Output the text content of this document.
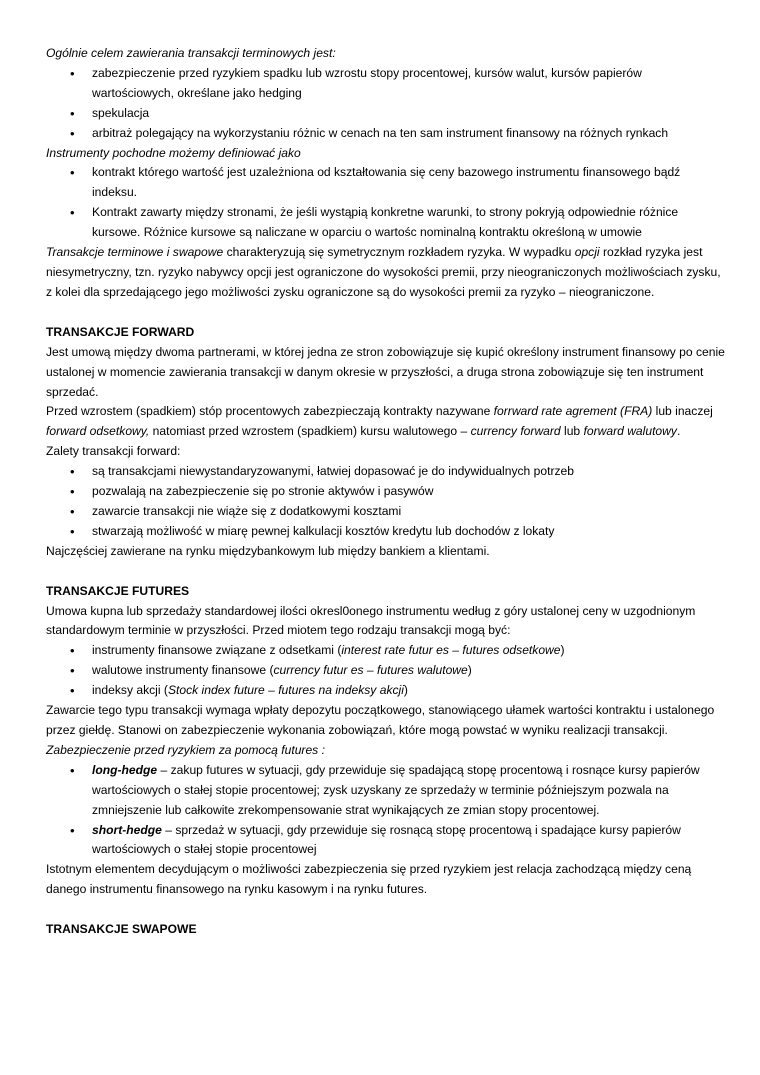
Ogólnie celem zawierania transakcji terminowych jest:

• zabezpieczenie przed ryzykiem spadku lub wzrostu stopy procentowej, kursów walut, kursów papierów wartościowych, określane jako hedging
• spekulacja
• arbitraż polegający na wykorzystaniu różnic w cenach na ten sam instrument finansowy na różnych rynkach

Instrumenty pochodne możemy definiować jako

• kontrakt którego wartość jest uzależniona od kształtowania się ceny bazowego instrumentu finansowego bądź indeksu.
• Kontrakt zawarty między stronami, że jeśli wystąpią konkretne warunki, to strony pokryją odpowiednie różnice kursowe. Różnice kursowe są naliczane w oparciu o wartośc nominalną kontraktu określoną w umowie

Transakcje terminowe i swapowe charakteryzują się symetrycznym rozkładem ryzyka. W wypadku opcji rozkład ryzyka jest niesymetryczny, tzn. ryzyko nabywcy opcji jest ograniczone do wysokości premii, przy nieograniczonych możliwościach zysku, z kolei dla sprzedającego jego możliwości zysku ograniczone są do wysokości premii za ryzyko – nieograniczone.

TRANSAKCJE FORWARD

Jest umową między dwoma partnerami, w której jedna ze stron zobowiązuje się kupić określony instrument finansowy po cenie ustalonej w momencie zawierania transakcji w danym okresie w przyszłości, a druga strona zobowiązuje się ten instrument sprzedać.

Przed wzrostem (spadkiem) stóp procentowych zabezpieczają kontrakty nazywane forrward rate agrement (FRA) lub inaczej forward odsetkowy, natomiast przed wzrostem (spadkiem) kursu walutowego – currency forward lub forward walutowy.

Zalety transakcji forward:

• są transakcjami niewystandaryzowanymi, łatwiej dopasować je do indywidualnych potrzeb
• pozwalają na zabezpieczenie się po stronie aktywów i pasywów
• zawarcie transakcji nie wiąże się z dodatkowymi kosztami
• stwarzają możliwość w miarę pewnej kalkulacji kosztów kredytu lub dochodów z lokaty

Najczęściej zawierane na rynku międzybankowym lub między bankiem a klientami.

TRANSAKCJE FUTURES

Umowa kupna lub sprzedaży standardowej ilości okresl0onego instrumentu według z góry ustalonej ceny w uzgodnionym standardowym terminie w przyszłości. Przed miotem tego rodzaju transakcji mogą być:

• instrumenty finansowe związane z odsetkami (interest rate futur es – futures odsetkowe)
• walutowe instrumenty finansowe (currency futur es – futures walutowe)
• indeksy akcji (Stock index future – futures na indeksy akcji)

Zawarcie tego typu transakcji wymaga wpłaty depozytu początkowego, stanowiącego ułamek wartości kontraktu i ustalonego przez giełdę. Stanowi on zabezpieczenie wykonania zobowiązań, które mogą powstać w wyniku realizacji transakcji.

Zabezpieczenie przed ryzykiem za pomocą futures :

• long-hedge – zakup futures w sytuacji, gdy przewiduje się spadającą stopę procentową i rosnące kursy papierów wartościowych o stałej stopie procentowej; zysk uzyskany ze sprzedaży w terminie późniejszym pozwala na zmniejszenie lub całkowite zrekompensowanie strat wynikających ze zmian stopy procentowej.
• short-hedge – sprzedaż w sytuacji, gdy przewiduje się rosnącą stopę procentową i spadające kursy papierów wartościowych o stałej stopie procentowej

Istotnym elementem decydującym o możliwości zabezpieczenia się przed ryzykiem jest relacja zachodzącą między ceną danego instrumentu finansowego na rynku kasowym i na rynku futures.

TRANSAKCJE SWAPOWE
